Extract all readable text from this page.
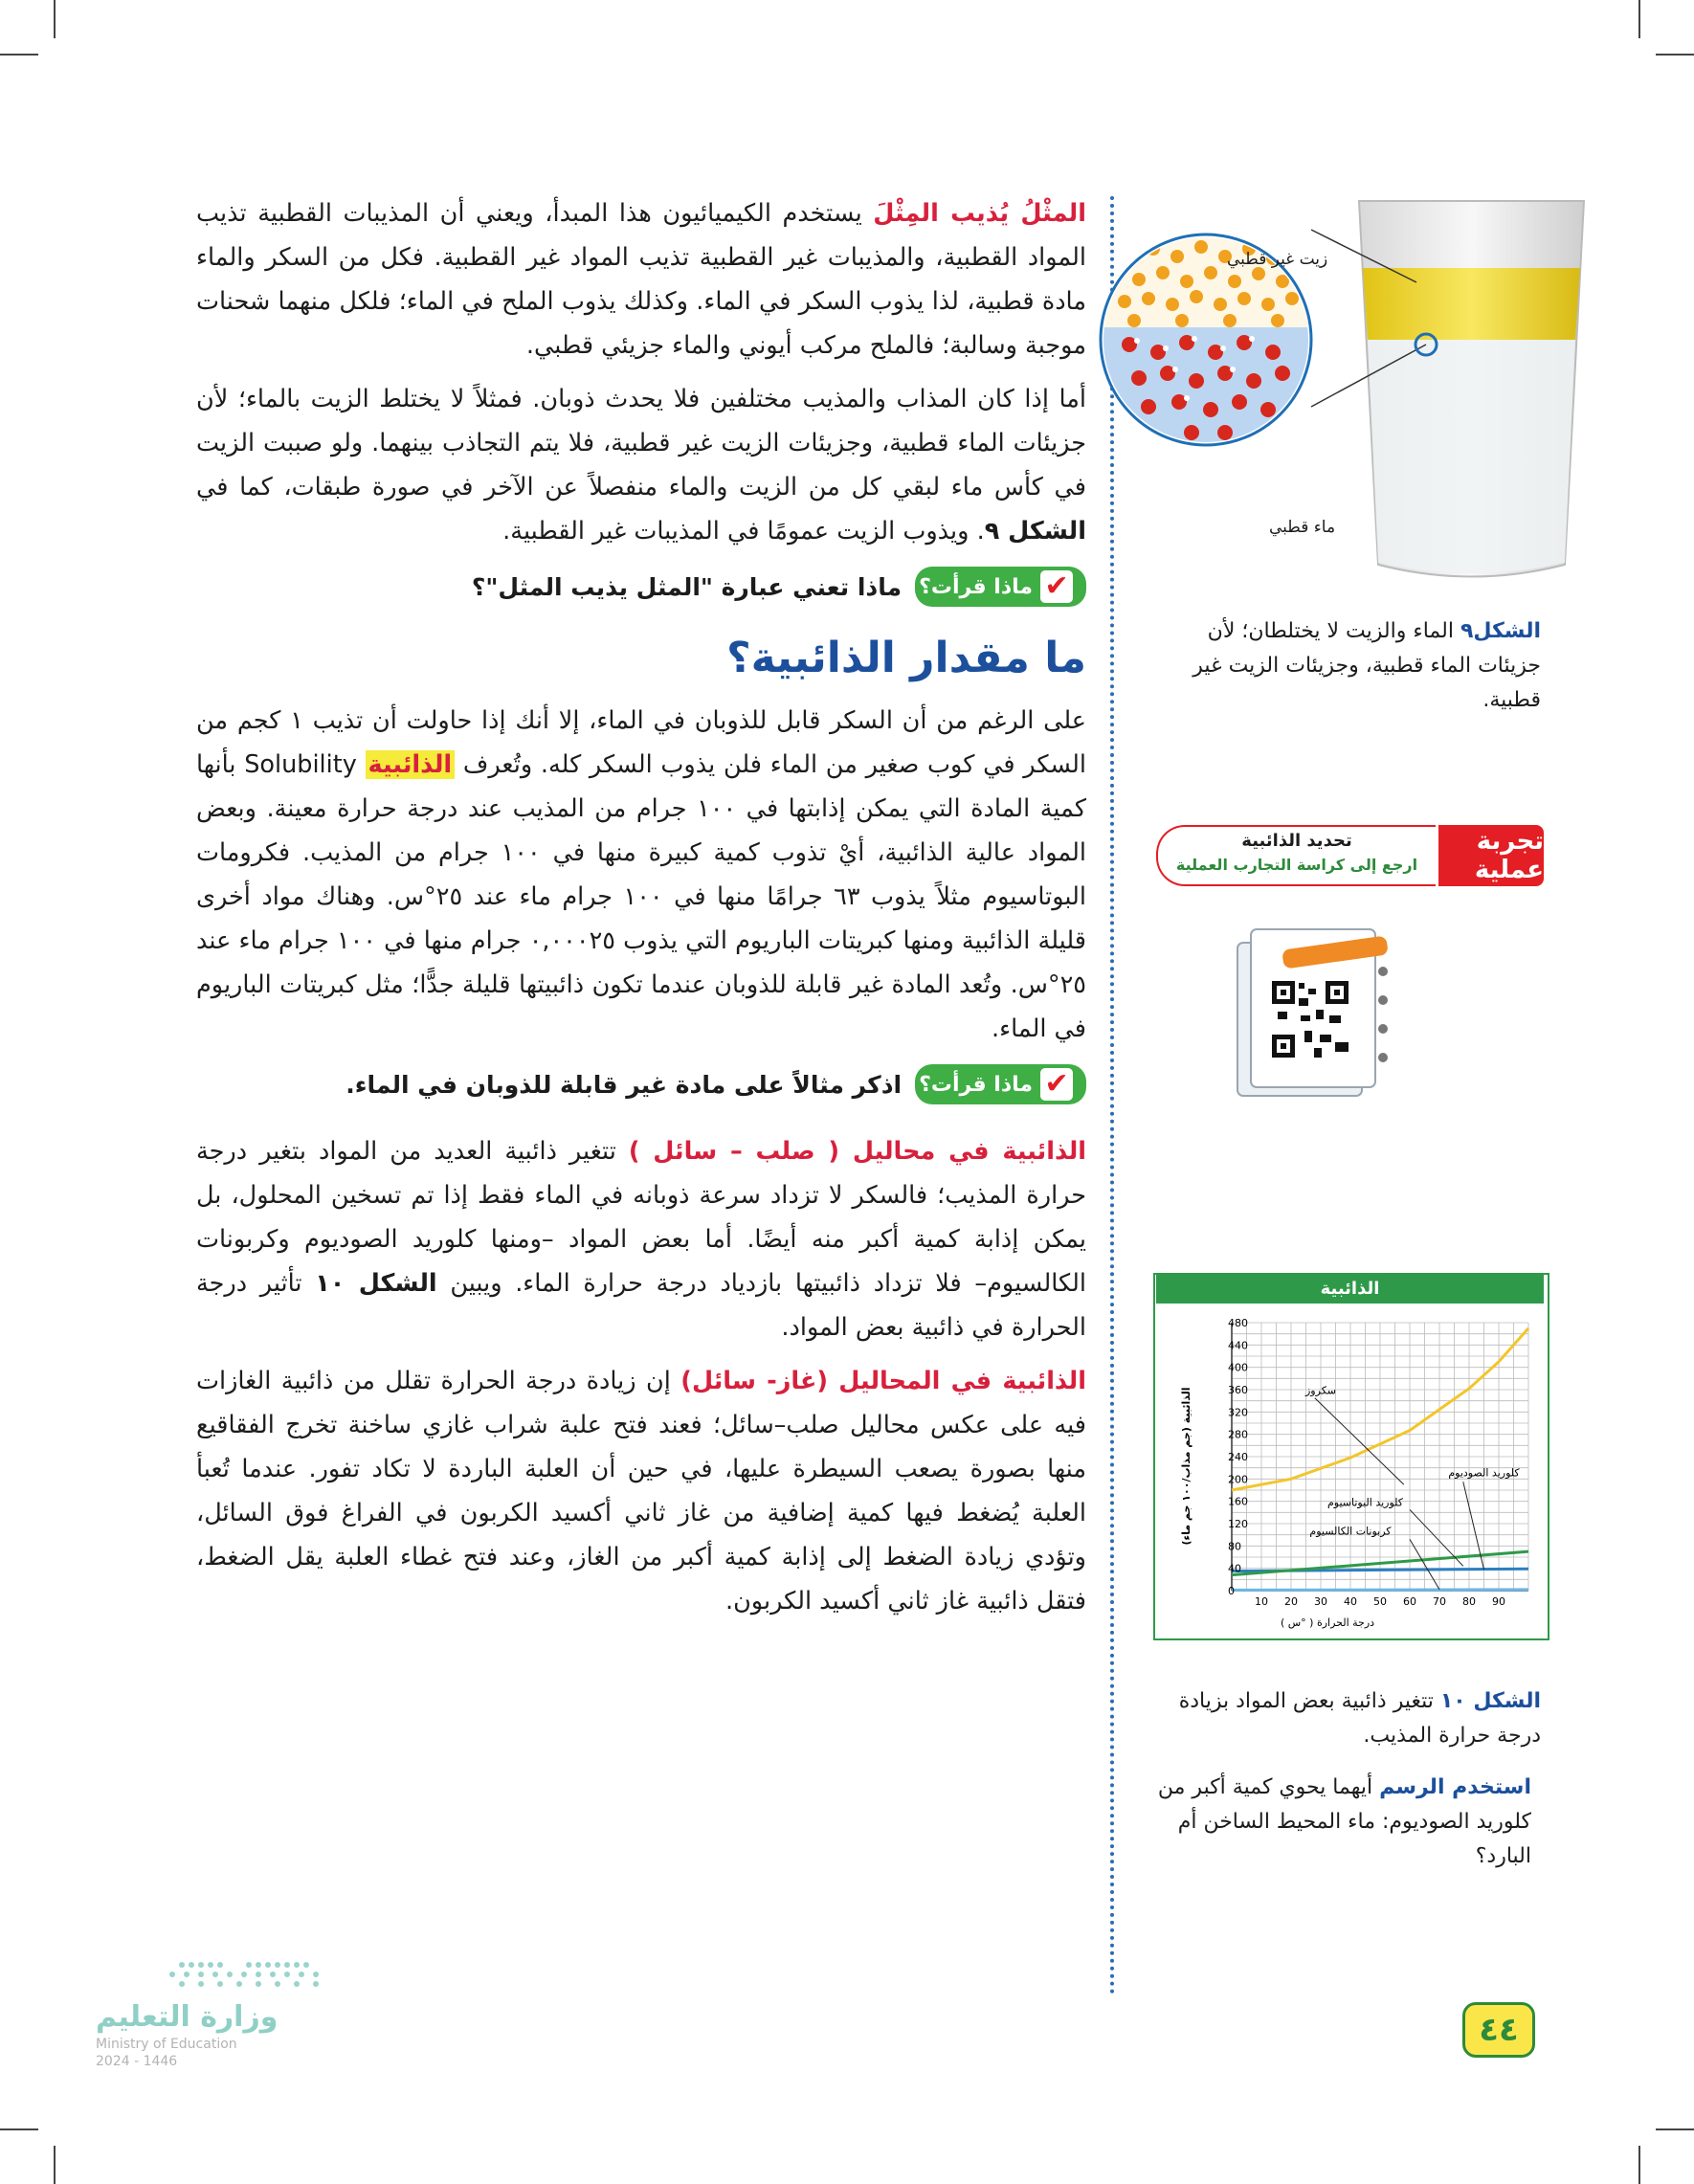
المثْلُ يُذيب المِثْلَ يستخدم الكيميائيون هذا المبدأ، ويعني أن المذيبات القطبية تذيب المواد القطبية، والمذيبات غير القطبية تذيب المواد غير القطبية. فكل من السكر والماء مادة قطبية، لذا يذوب السكر في الماء. وكذلك يذوب الملح في الماء؛ فلكل منهما شحنات موجبة وسالبة؛ فالملح مركب أيوني والماء جزيئي قطبي.

أما إذا كان المذاب والمذيب مختلفين فلا يحدث ذوبان. فمثلاً لا يختلط الزيت بالماء؛ لأن جزيئات الماء قطبية، وجزيئات الزيت غير قطبية، فلا يتم التجاذب بينهما. ولو صببت الزيت في كأس ماء لبقي كل من الزيت والماء منفصلاً عن الآخر في صورة طبقات، كما في الشكل ٩. ويذوب الزيت عمومًا في المذيبات غير القطبية.

✔
ماذا قرأت؟
ماذا تعني عبارة "المثل يذيب المثل"؟
ما مقدار الذائبية؟

على الرغم من أن السكر قابل للذوبان في الماء، إلا أنك إذا حاولت أن تذيب ١ كجم من السكر في كوب صغير من الماء فلن يذوب السكر كله. وتُعرف الذائبية Solubility بأنها كمية المادة التي يمكن إذابتها في ١٠٠ جرام من المذيب عند درجة حرارة معينة. وبعض المواد عالية الذائبية، أيْ تذوب كمية كبيرة منها في ١٠٠ جرام من المذيب. فكرومات البوتاسيوم مثلاً يذوب ٦٣ جرامًا منها في ١٠٠ جرام ماء عند ٢٥°س. وهناك مواد أخرى قليلة الذائبية ومنها كبريتات الباريوم التي يذوب ٠,٠٠٠٢٥ جرام منها في ١٠٠ جرام ماء عند ٢٥°س. وتُعد المادة غير قابلة للذوبان عندما تكون ذائبيتها قليلة جدًّا؛ مثل كبريتات الباريوم في الماء.

✔
ماذا قرأت؟
اذكر مثالاً على مادة غير قابلة للذوبان في الماء.

الذائبية في محاليل ( صلب – سائل ) تتغير ذائبية العديد من المواد بتغير درجة حرارة المذيب؛ فالسكر لا تزداد سرعة ذوبانه في الماء فقط إذا تم تسخين المحلول، بل يمكن إذابة كمية أكبر منه أيضًا. أما بعض المواد –ومنها كلوريد الصوديوم وكربونات الكالسيوم– فلا تزداد ذائبيتها بازدياد درجة حرارة الماء. ويبين الشكل ١٠ تأثير درجة الحرارة في ذائبية بعض المواد.

الذائبية في المحاليل (غاز- سائل) إن زيادة درجة الحرارة تقلل من ذائبية الغازات فيه على عكس محاليل صلب–سائل؛ فعند فتح علبة شراب غازي ساخنة تخرج الفقاقيع منها بصورة يصعب السيطرة عليها، في حين أن العلبة الباردة لا تكاد تفور. عندما تُعبأ العلبة يُضغط فيها كمية إضافية من غاز ثاني أكسيد الكربون في الفراغ فوق السائل، وتؤدي زيادة الضغط إلى إذابة كمية أكبر من الغاز، وعند فتح غطاء العلبة يقل الضغط، فتقل ذائبية غاز ثاني أكسيد الكربون.

زيت غير قطبي
ماء قطبي
الشكل٩ الماء والزيت لا يختلطان؛ لأن جزيئات الماء قطبية، وجزيئات الزيت غير قطبية.
تحديد الذائبية
ارجع إلى كراسة التجارب العملية
تجربة عملية
الذائبية
0
40
80
120
160
200
240
280
320
360
400
440
480
10 20 30 40 50 60 70 80 90
درجة الحرارة ( °س )
الذائبية (جم مذاب/١٠٠ جم ماء)	سكروز
كلوريد الصوديوم
كلوريد البوتاسيوم
كربونات الكالسيوم
الشكل ١٠ تتغير ذائبية بعض المواد بزيادة درجة حرارة المذيب.
استخدم الرسم أيهما يحوي كمية أكبر من كلوريد الصوديوم: ماء المحيط الساخن أم البارد؟
٤٤
وزارة التعليم
Ministry of Education
2024 - 1446
